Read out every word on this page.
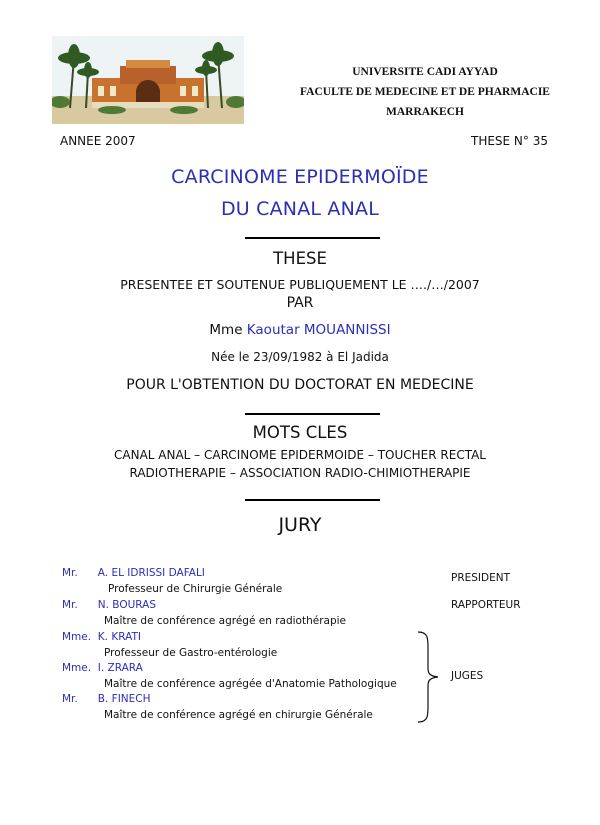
UNIVERSITE CADI AYYAD
FACULTE DE MEDECINE ET DE PHARMACIE
MARRAKECH
ANNEE 2007	THESE N° 35
CARCINOME EPIDERMOÏDE
DU CANAL ANAL
THESE
PRESENTEE ET SOUTENUE PUBLIQUEMENT LE …./…/2007
PAR
Mme Kaoutar MOUANNISSI
Née le 23/09/1982 à El Jadida
POUR L'OBTENTION DU DOCTORAT EN MEDECINE
MOTS CLES
CANAL ANAL – CARCINOME EPIDERMOIDE – TOUCHER RECTAL
RADIOTHERAPIE – ASSOCIATION RADIO-CHIMIOTHERAPIE
JURY
Mr.      A. EL IDRISSI DAFALI
Professeur de Chirurgie Générale
Mr.      N. BOURAS
Maître de conférence agrégé en radiothérapie
Mme.  K. KRATI
Professeur de Gastro-entérologie
Mme.  I. ZRARA
Maître de conférence agrégée d'Anatomie Pathologique
Mr.      B. FINECH
Maître de conférence agrégé en chirurgie Générale
PRESIDENT
RAPPORTEUR
JUGES
